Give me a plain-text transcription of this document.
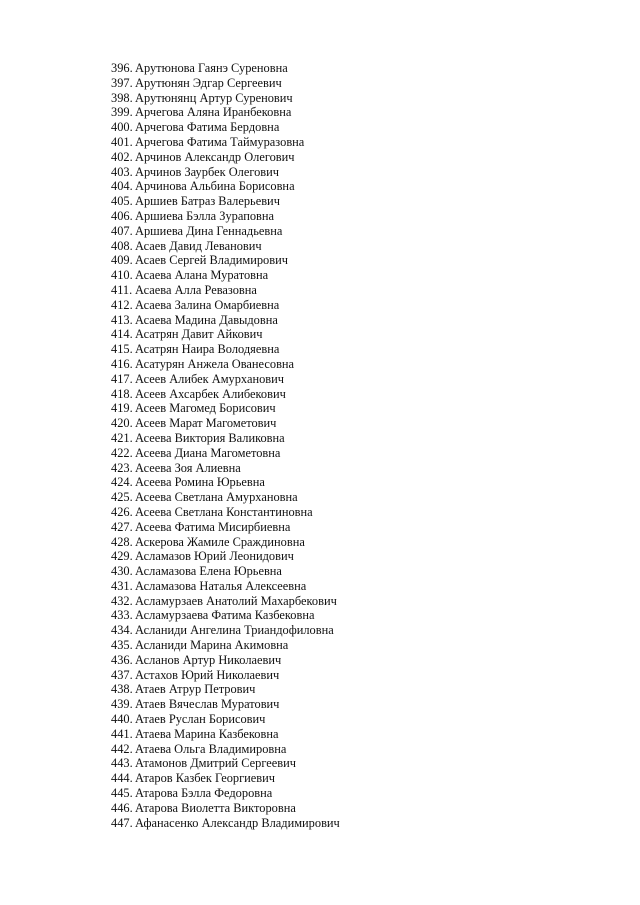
396. Арутюнова Гаянэ Суреновна
397. Арутюнян Эдгар Сергеевич
398. Арутюнянц Артур Суренович
399. Арчегова Аляна Иранбековна
400. Арчегова Фатима Бердовна
401. Арчегова Фатима Таймуразовна
402. Арчинов Александр Олегович
403. Арчинов Заурбек Олегович
404. Арчинова Альбина Борисовна
405. Аршиев Батраз Валерьевич
406. Аршиева Бэлла Зураповна
407. Аршиева Дина Геннадьевна
408. Асаев Давид Леванович
409. Асаев Сергей Владимирович
410. Асаева Алана Муратовна
411. Асаева Алла Ревазовна
412. Асаева Залина Омарбиевна
413. Асаева Мадина Давыдовна
414. Асатрян Давит Айкович
415. Асатрян Наира Володяевна
416. Асатурян Анжела Ованесовна
417. Асеев Алибек Амурханович
418. Асеев Ахсарбек Алибекович
419. Асеев Магомед Борисович
420. Асеев Марат Магометович
421. Асеева Виктория Валиковна
422. Асеева Диана Магометовна
423. Асеева Зоя Алиевна
424. Асеева Ромина Юрьевна
425. Асеева Светлана Амурхановна
426. Асеева Светлана Константиновна
427. Асеева Фатима Мисирбиевна
428. Аскерова Жамиле Сраждиновна
429. Асламазов Юрий Леонидович
430. Асламазова Елена Юрьевна
431. Асламазова Наталья Алексеевна
432. Асламурзаев Анатолий Махарбекович
433. Асламурзаева Фатима Казбековна
434. Асланиди Ангелина Триандофиловна
435. Асланиди Марина Акимовна
436. Асланов Артур Николаевич
437. Астахов Юрий Николаевич
438. Атаев Атрур Петрович
439. Атаев Вячеслав Муратович
440. Атаев Руслан Борисович
441. Атаева Марина Казбековна
442. Атаева Ольга Владимировна
443. Атамонов Дмитрий Сергеевич
444. Атаров Казбек Георгиевич
445. Атарова Бэлла Федоровна
446. Атарова Виолетта Викторовна
447. Афанасенко Александр Владимирович
